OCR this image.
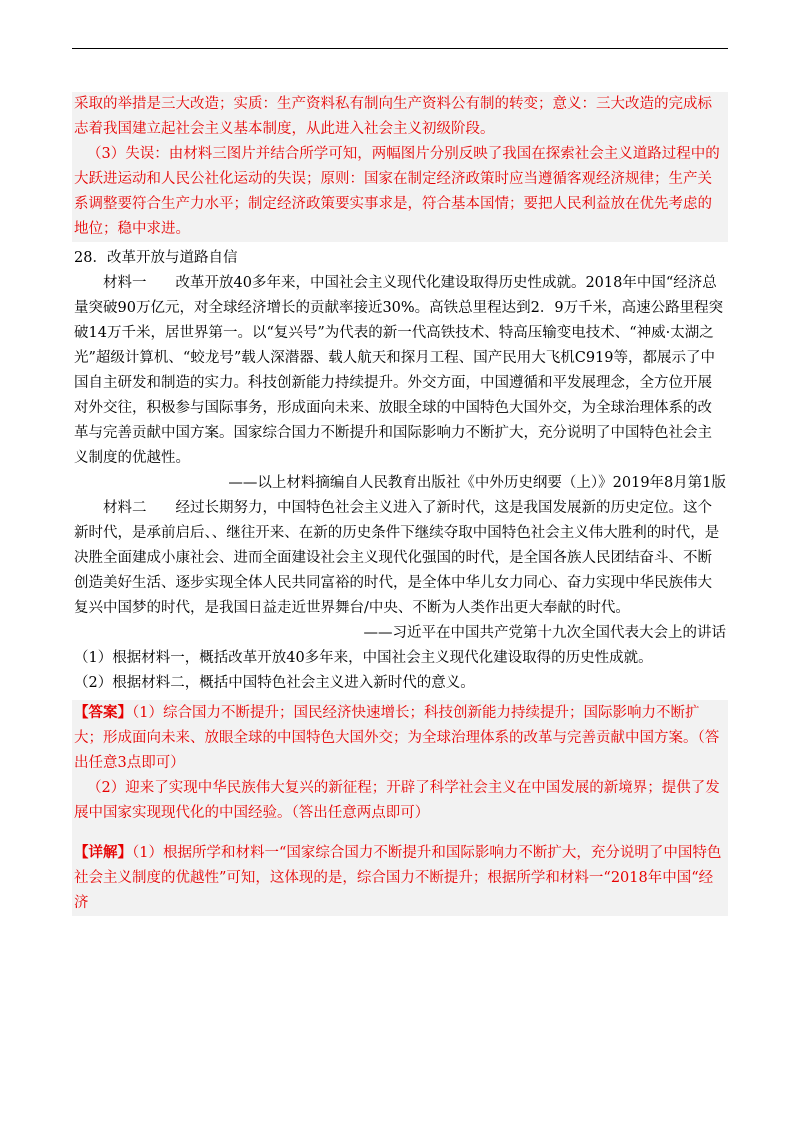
采取的举措是三大改造；实质：生产资料私有制向生产资料公有制的转变；意义：三大改造的完成标志着我国建立起社会主义基本制度，从此进入社会主义初级阶段。

（3）失误：由材料三图片并结合所学可知，两幅图片分别反映了我国在探索社会主义道路过程中的大跃进运动和人民公社化运动的失误；原则：国家在制定经济政策时应当遵循客观经济规律；生产关系调整要符合生产力水平；制定经济政策要实事求是，符合基本国情；要把人民利益放在优先考虑的地位；稳中求进。

28．改革开放与道路自信

材料一　　改革开放40多年来，中国社会主义现代化建设取得历史性成就。2018年中国“经济总量突破90万亿元，对全球经济增长的贡献率接近30%。高铁总里程达到2．9万千米，高速公路里程突破14万千米，居世界第一。以“复兴号”为代表的新一代高铁技术、特高压输变电技术、“神威·太湖之光”超级计算机、“蛟龙号”载人深潜器、载人航天和探月工程、国产民用大飞机C919等，都展示了中国自主研发和制造的实力。科技创新能力持续提升。外交方面，中国遵循和平发展理念，全方位开展对外交往，积极参与国际事务，形成面向未来、放眼全球的中国特色大国外交，为全球治理体系的改革与完善贡献中国方案。国家综合国力不断提升和国际影响力不断扩大，充分说明了中国特色社会主义制度的优越性。

——以上材料摘编自人民教育出版社《中外历史纲要（上）》2019年8月第1版

材料二　　经过长期努力，中国特色社会主义进入了新时代，这是我国发展新的历史定位。这个新时代，是承前启后、、继往开来、在新的历史条件下继续夺取中国特色社会主义伟大胜利的时代，是决胜全面建成小康社会、进而全面建设社会主义现代化强国的时代，是全国各族人民团结奋斗、不断创造美好生活、逐步实现全体人民共同富裕的时代，是全体中华儿女力同心、奋力实现中华民族伟大复兴中国梦的时代，是我国日益走近世界舞台/中央、不断为人类作出更大奉献的时代。

——习近平在中国共产党第十九次全国代表大会上的讲话

（1）根据材料一，概括改革开放40多年来，中国社会主义现代化建设取得的历史性成就。

（2）根据材料二，概括中国特色社会主义进入新时代的意义。

【答案】（1）综合国力不断提升；国民经济快速增长；科技创新能力持续提升；国际影响力不断扩大；形成面向未来、放眼全球的中国特色大国外交；为全球治理体系的改革与完善贡献中国方案。（答出任意3点即可）

（2）迎来了实现中华民族伟大复兴的新征程；开辟了科学社会主义在中国发展的新境界；提供了发展中国家实现现代化的中国经验。（答出任意两点即可）

【详解】（1）根据所学和材料一“国家综合国力不断提升和国际影响力不断扩大，充分说明了中国特色社会主义制度的优越性”可知，这体现的是，综合国力不断提升；根据所学和材料一“2018年中国“经济
